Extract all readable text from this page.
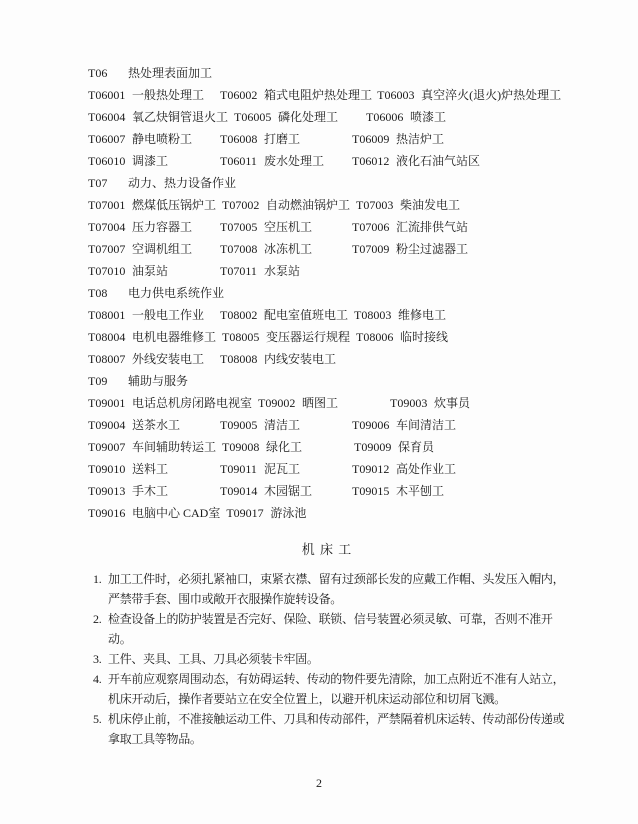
T06	热处理表面加工
T06001 一般热处理工 T06002 箱式电阻炉热处理工 T06003 真空淬火(退火)炉热处理工
T06004 氧乙炔铜管退火工 T06005 磷化处理工 T06006 喷漆工
T06007 静电喷粉工 T06008 打磨工	T06009 热洁炉工
T06010 调漆工	T06011 废水处理工 T06012 液化石油气站区
T07	动力、热力设备作业
T07001 燃煤低压锅炉工 T07002 自动燃油锅炉工 T07003 柴油发电工
T07004 压力容器工 T07005 空压机工	T07006 汇流排供气站
T07007 空调机组工 T07008 冰冻机工	T07009 粉尘过滤器工
T07010 油泵站	T07011 水泵站
T08	电力供电系统作业
T08001 一般电工作业 T08002 配电室值班电工 T08003 维修电工
T08004 电机电器维修工 T08005 变压器运行规程 T08006 临时接线
T08007 外线安装电工 T08008 内线安装电工
T09	辅助与服务
T09001 电话总机房闭路电视室 T09002 晒图工	T09003 炊事员
T09004 送茶水工	T09005 清洁工	T09006 车间清洁工
T09007 车间辅助转运工 T09008 绿化工	T09009 保育员
T09010 送料工	T09011 泥瓦工	T09012 高处作业工
T09013 手木工	T09014 木园锯工	T09015 木平刨工
T09016 电脑中心 CAD室 T09017 游泳池
机 床 工
1. 加工工件时，必须扎紧袖口，束紧衣襟、留有过颈部长发的应戴工作帽、头发压入帽内，严禁带手套、围巾或敞开衣服操作旋转设备。
2. 检查设备上的防护装置是否完好、保险、联锁、信号装置必须灵敏、可靠，否则不准开动。
3. 工件、夹具、工具、刀具必须装卡牢固。
4. 开车前应观察周围动态，有妨碍运转、传动的物件要先清除，加工点附近不准有人站立，机床开动后，操作者要站立在安全位置上，以避开机床运动部位和切屑飞溅。
5. 机床停止前，不准接触运动工件、刀具和传动部件，严禁隔着机床运转、传动部份传递或拿取工具等物品。
2
